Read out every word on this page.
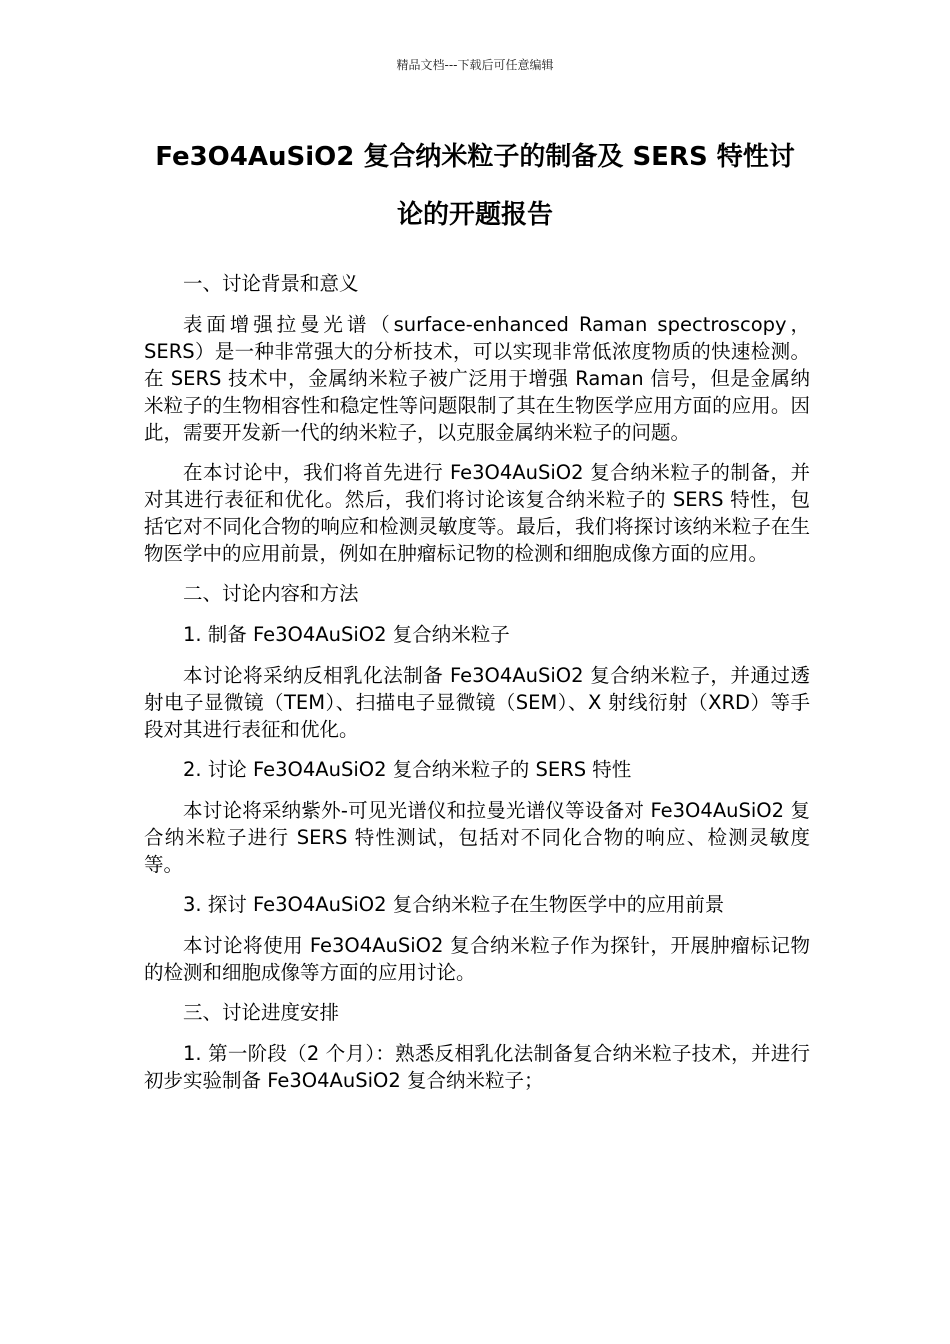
精品文档---下载后可任意编辑
Fe3O4AuSiO2 复合纳米粒子的制备及 SERS 特性讨
论的开题报告

一、讨论背景和意义

表面增强拉曼光谱（surface-enhanced Raman spectroscopy，SERS）是一种非常强大的分析技术，可以实现非常低浓度物质的快速检测。在 SERS 技术中，金属纳米粒子被广泛用于增强 Raman 信号，但是金属纳米粒子的生物相容性和稳定性等问题限制了其在生物医学应用方面的应用。因此，需要开发新一代的纳米粒子，以克服金属纳米粒子的问题。

在本讨论中，我们将首先进行 Fe3O4AuSiO2 复合纳米粒子的制备，并对其进行表征和优化。然后，我们将讨论该复合纳米粒子的 SERS 特性，包括它对不同化合物的响应和检测灵敏度等。最后，我们将探讨该纳米粒子在生物医学中的应用前景，例如在肿瘤标记物的检测和细胞成像方面的应用。

二、讨论内容和方法

1. 制备 Fe3O4AuSiO2 复合纳米粒子

本讨论将采纳反相乳化法制备 Fe3O4AuSiO2 复合纳米粒子，并通过透射电子显微镜（TEM）、扫描电子显微镜（SEM）、X 射线衍射（XRD）等手段对其进行表征和优化。

2. 讨论 Fe3O4AuSiO2 复合纳米粒子的 SERS 特性

本讨论将采纳紫外-可见光谱仪和拉曼光谱仪等设备对 Fe3O4AuSiO2 复合纳米粒子进行 SERS 特性测试，包括对不同化合物的响应、检测灵敏度等。

3. 探讨 Fe3O4AuSiO2 复合纳米粒子在生物医学中的应用前景

本讨论将使用 Fe3O4AuSiO2 复合纳米粒子作为探针，开展肿瘤标记物的检测和细胞成像等方面的应用讨论。

三、讨论进度安排

1. 第一阶段（2 个月）：熟悉反相乳化法制备复合纳米粒子技术，并进行初步实验制备 Fe3O4AuSiO2 复合纳米粒子；
